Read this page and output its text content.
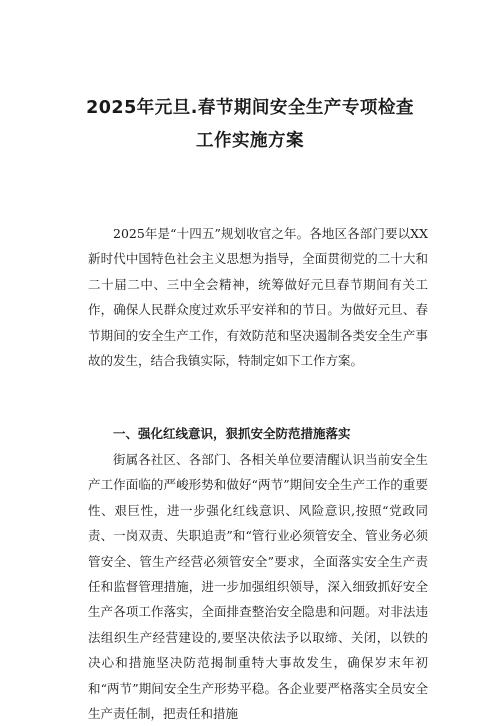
2025年元旦.春节期间安全生产专项检查
工作实施方案
2025年是“十四五”规划收官之年。各地区各部门要以XX新时代中国特色社会主义思想为指导，全面贯彻党的二十大和二十届二中、三中全会精神，统筹做好元旦春节期间有关工作，确保人民群众度过欢乐平安祥和的节日。为做好元旦、春节期间的安全生产工作，有效防范和坚决遏制各类安全生产事故的发生，结合我镇实际，特制定如下工作方案。
一、强化红线意识，狠抓安全防范措施落实
街属各社区、各部门、各相关单位要清醒认识当前安全生产工作面临的严峻形势和做好“两节”期间安全生产工作的重要性、艰巨性，进一步强化红线意识、风险意识,按照“党政同责、一岗双责、失职追责”和“管行业必须管安全、管业务必须管安全、管生产经营必须管安全”要求，全面落实安全生产责任和监督管理措施，进一步加强组织领导，深入细致抓好安全生产各项工作落实，全面排查整治安全隐患和问题。对非法违法组织生产经营建设的,要坚决依法予以取缔、关闭，以铁的决心和措施坚决防范揭制重特大事故发生，确保岁末年初和“两节”期间安全生产形势平稳。各企业要严格落实全员安全生产责任制，把责任和措施
